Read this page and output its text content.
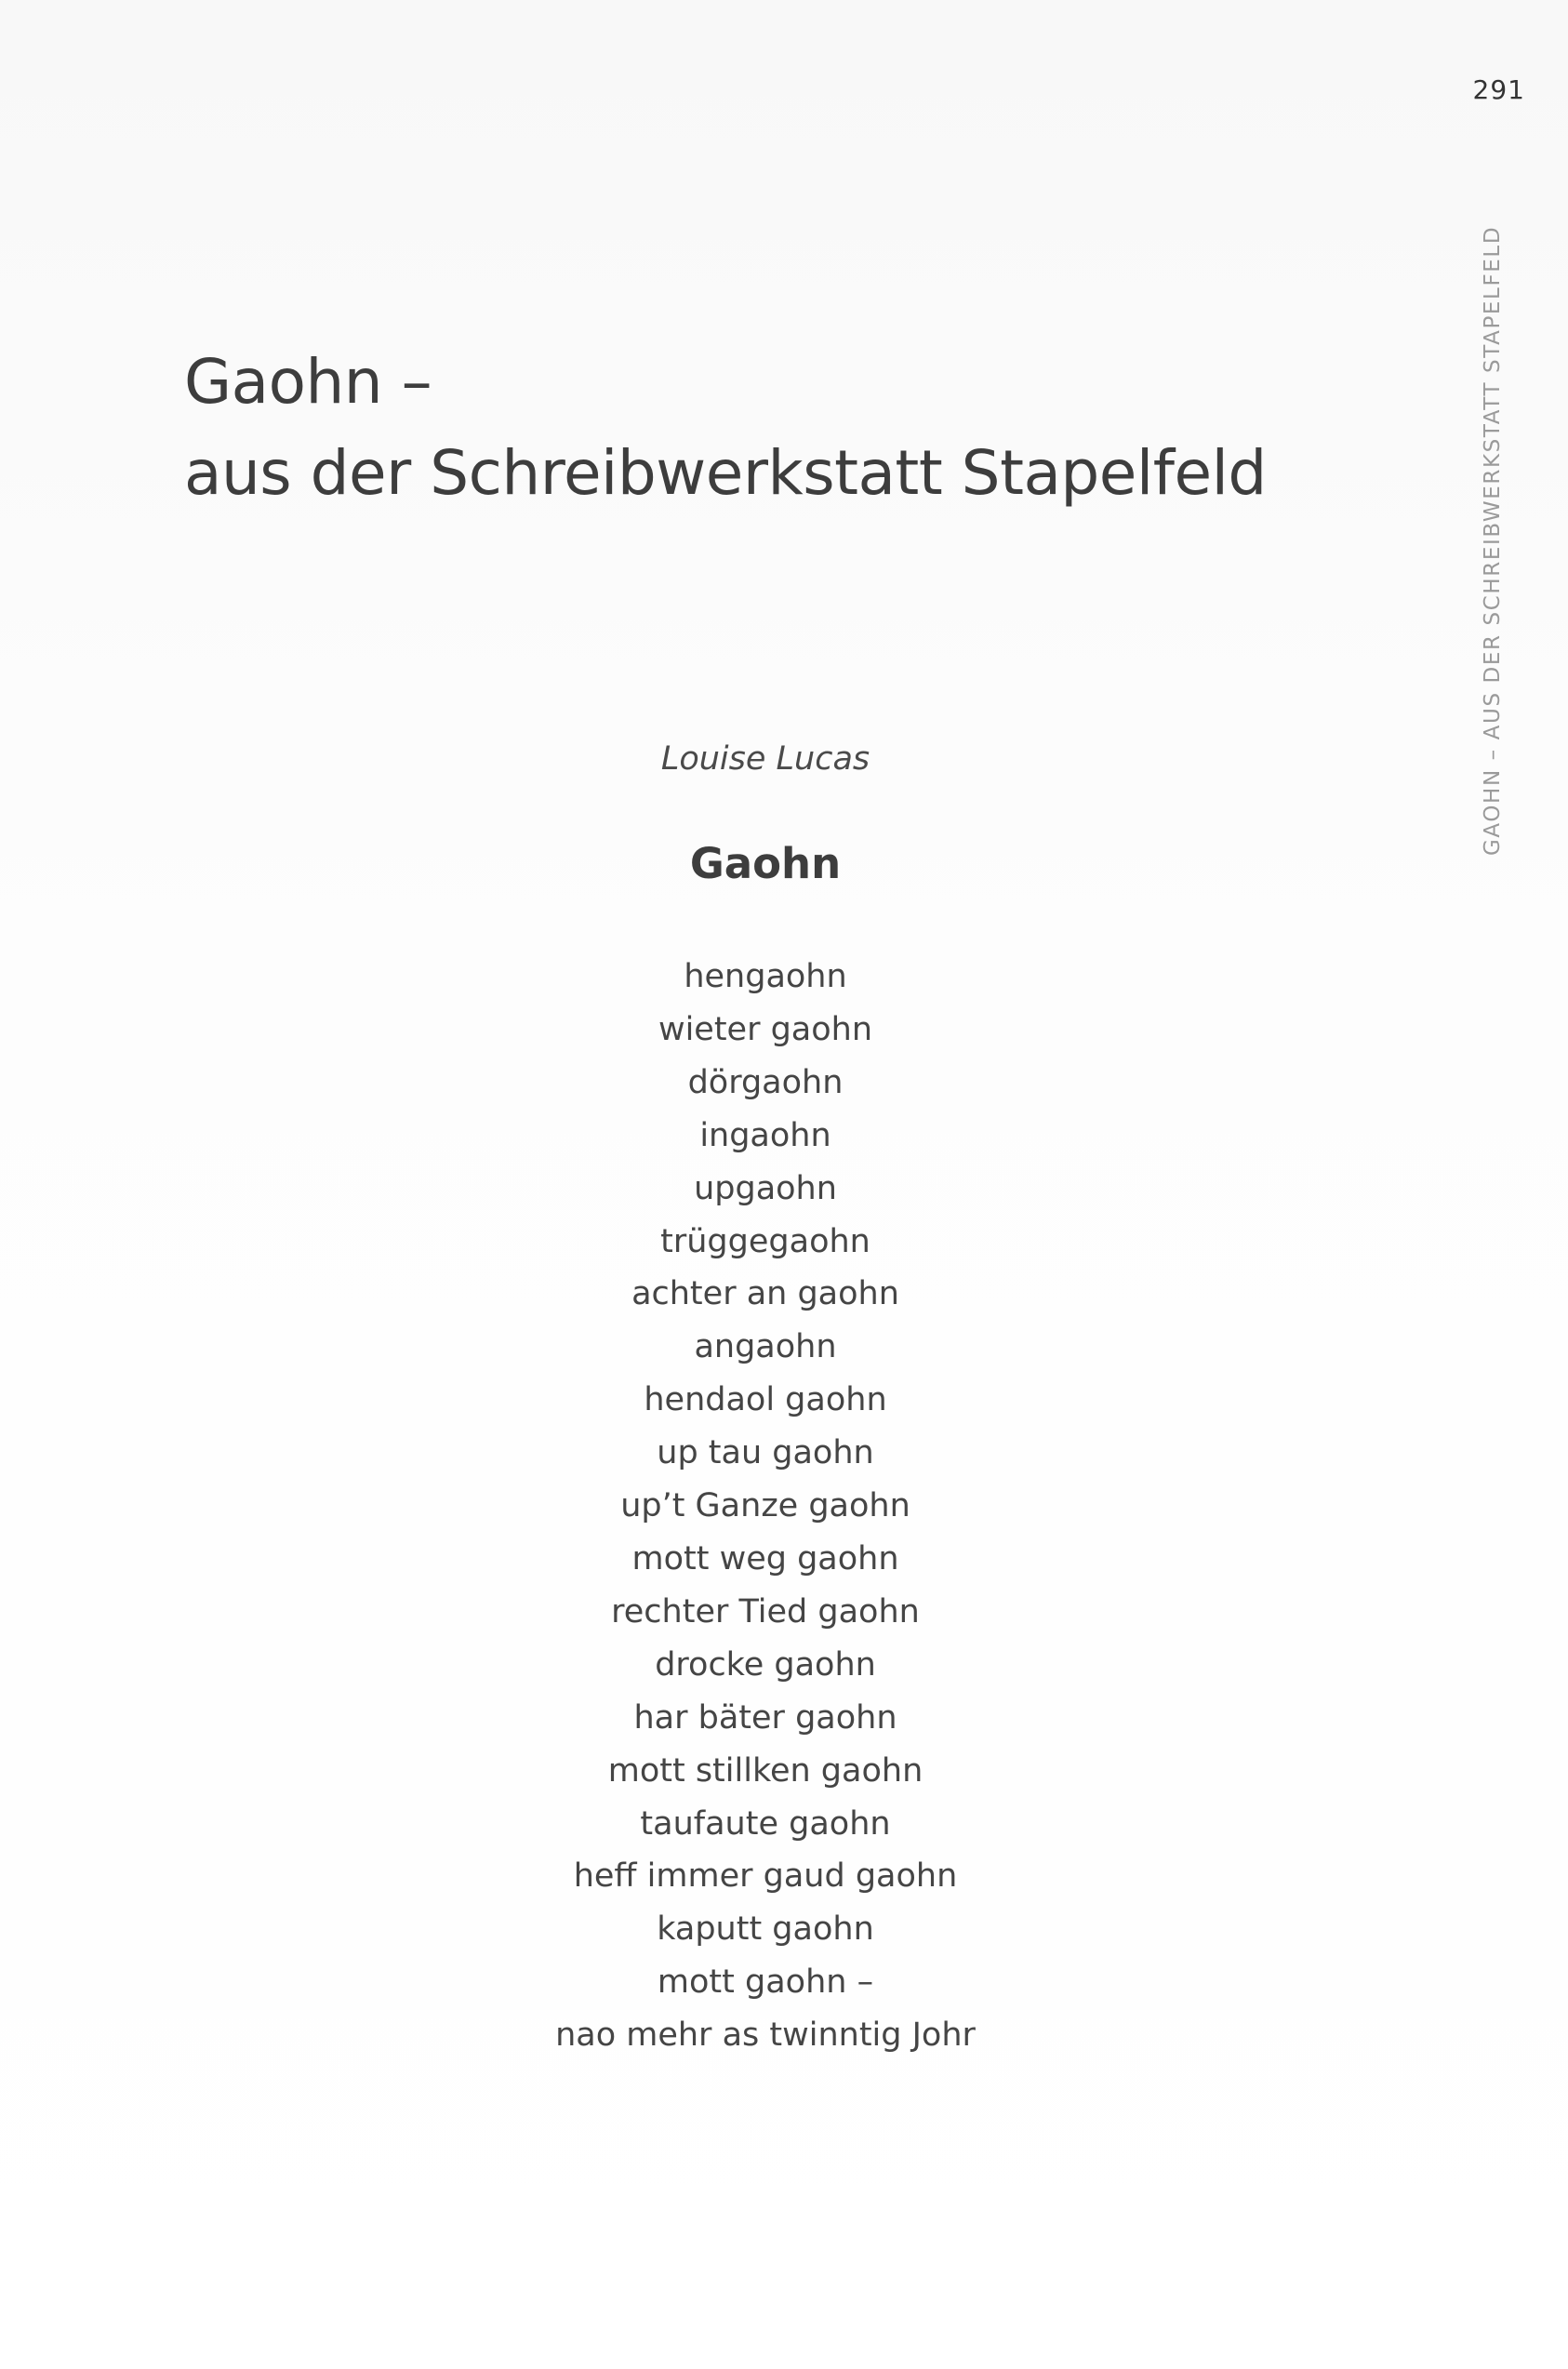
291
GAOHN – AUS DER SCHREIBWERKSTATT STAPELFELD
Gaohn –
aus der Schreibwerkstatt Stapelfeld
Louise Lucas
Gaohn
hengaohn
wieter gaohn
dörgaohn
ingaohn
upgaohn
trüggegaohn
achter an gaohn
angaohn
hendaol gaohn
up tau gaohn
up’t Ganze gaohn
mott weg gaohn
rechter Tied gaohn
drocke gaohn
har bäter gaohn
mott stillken gaohn
taufaute gaohn
heff immer gaud gaohn
kaputt gaohn
mott gaohn –
nao mehr as twinntig Johr
